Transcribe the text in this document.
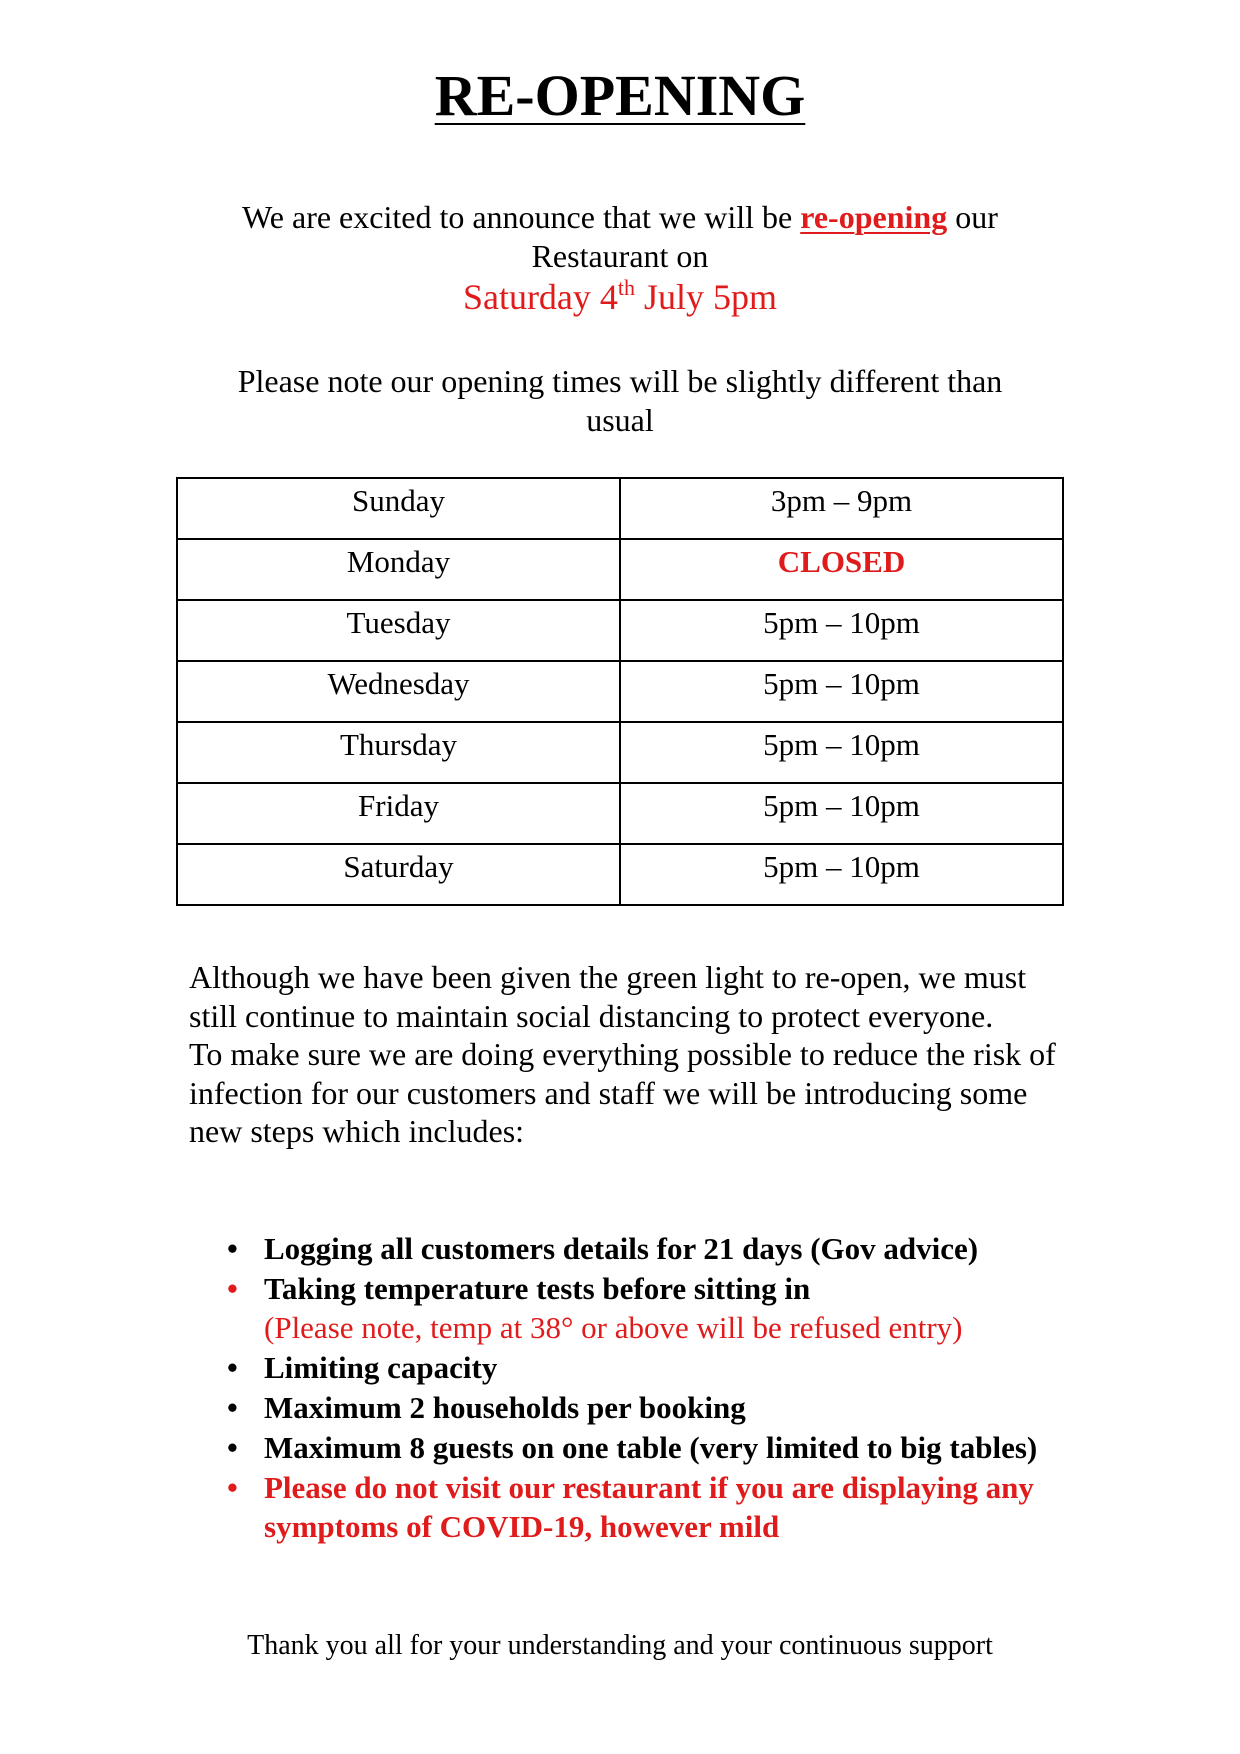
RE-OPENING
We are excited to announce that we will be re-opening our
Restaurant on
Saturday 4th July 5pm
Please note our opening times will be slightly different than
usual
Sunday	3pm – 9pm
Monday	CLOSED
Tuesday	5pm – 10pm
Wednesday	5pm – 10pm
Thursday	5pm – 10pm
Friday	5pm – 10pm
Saturday	5pm – 10pm

Although we have been given the green light to re-open, we must still continue to maintain social distancing to protect everyone.

To make sure we are doing everything possible to reduce the risk of infection for our customers and staff we will be introducing some new steps which includes:

• Logging all customers details for 21 days (Gov advice)
• Taking temperature tests before sitting in
(Please note, temp at 38° or above will be refused entry)
• Limiting capacity
• Maximum 2 households per booking
• Maximum 8 guests on one table (very limited to big tables)
• Please do not visit our restaurant if you are displaying any symptoms of COVID-19, however mild
Thank you all for your understanding and your continuous support
